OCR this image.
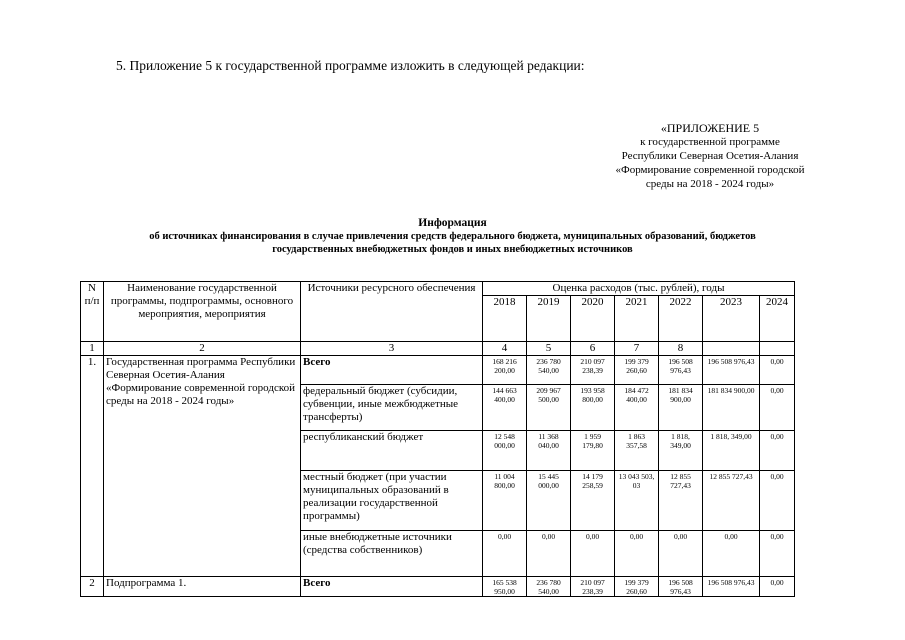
5. Приложение 5 к государственной программе изложить в следующей редакции:
«ПРИЛОЖЕНИЕ 5
к государственной программе
Республики Северная Осетия-Алания
«Формирование современной городской
среды на 2018 - 2024 годы»
Информация
об источниках финансирования в случае привлечения средств федерального бюджета, муниципальных образований, бюджетов
государственных внебюджетных фондов и иных внебюджетных источников
N п/п	Наименование государственной программы, подпрограммы, основного мероприятия, мероприятия	Источники ресурсного обеспечения	Оценка расходов (тыс. рублей), годы						
			2018	2019	2020	2021	2022	2023	2024
1	2	3	4	5	6	7	8		
1.	Государственная программа Республики Северная Осетия-Алания «Формирование современной городской среды на 2018 - 2024 годы»	Всего	168 216 200,00	236 780 540,00	210 097 238,39	199 379 260,60	196 508 976,43	196 508 976,43	0,00
		федеральный бюджет (субсидии, субвенции, иные межбюджетные трансферты)	144 663 400,00	209 967 500,00	193 958 800,00	184 472 400,00	181 834 900,00	181 834 900,00	0,00
		республиканский бюджет	12 548 000,00	11 368 040,00	1 959 179,80	1 863 357,58	1 818, 349,00	1 818, 349,00	0,00
		местный бюджет (при участии муниципальных образований в реализации государственной программы)	11 004 800,00	15 445 000,00	14 179 258,59	13 043 503, 03	12 855 727,43	12 855 727,43	0,00
		иные внебюджетные источники (средства собственников)	0,00	0,00	0,00	0,00	0,00	0,00	0,00
2	Подпрограмма 1.	Всего	165 538 950,00	236 780 540,00	210 097 238,39	199 379 260,60	196 508 976,43	196 508 976,43	0,00
